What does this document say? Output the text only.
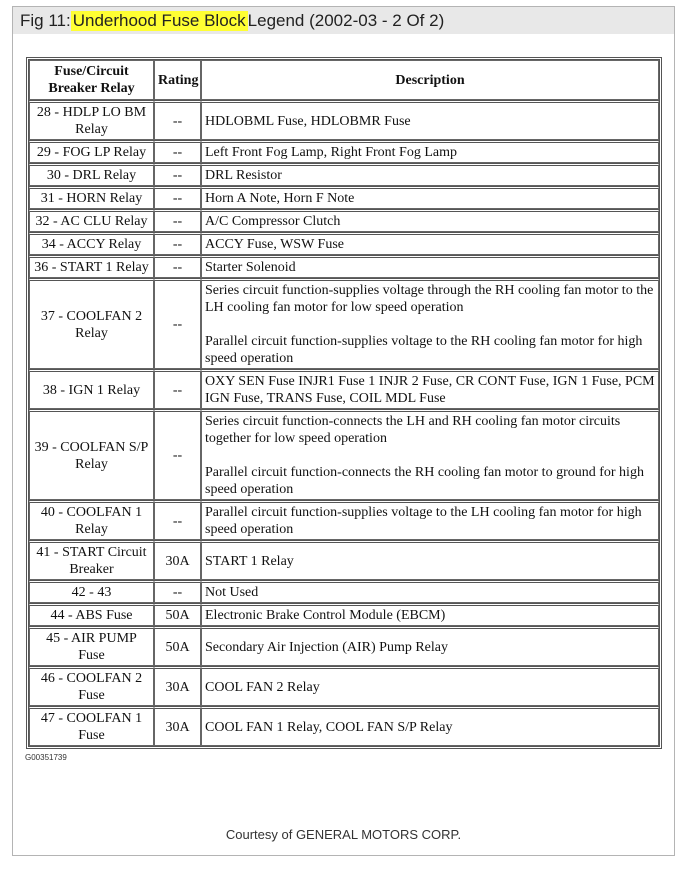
Fig 11: Underhood Fuse Block Legend (2002-03 - 2 Of 2)
Fuse/Circuit Breaker Relay	Rating	Description
28 - HDLP LO BM Relay	--	HDLOBML Fuse, HDLOBMR Fuse

29 - FOG LP Relay	--	Left Front Fog Lamp, Right Front Fog Lamp

30 - DRL Relay	--	DRL Resistor

31 - HORN Relay	--	Horn A Note, Horn F Note

32 - AC CLU Relay	--	A/C Compressor Clutch

34 - ACCY Relay	--	ACCY Fuse, WSW Fuse

36 - START 1 Relay	--	Starter Solenoid

37 - COOLFAN 2 Relay	--	Series circuit function-supplies voltage through the RH cooling fan motor to the LH cooling fan motor for low speed operation
Parallel circuit function-supplies voltage to the RH cooling fan motor for high speed operation

38 - IGN 1 Relay	--	OXY SEN Fuse INJR1 Fuse 1 INJR 2 Fuse, CR CONT Fuse, IGN 1 Fuse, PCM IGN Fuse, TRANS Fuse, COIL MDL Fuse

39 - COOLFAN S/P Relay	--	Series circuit function-connects the LH and RH cooling fan motor circuits together for low speed operation
Parallel circuit function-connects the RH cooling fan motor to ground for high speed operation

40 - COOLFAN 1 Relay	--	Parallel circuit function-supplies voltage to the LH cooling fan motor for high speed operation

41 - START Circuit Breaker	30A	START 1 Relay

42 - 43	--	Not Used

44 - ABS Fuse	50A	Electronic Brake Control Module (EBCM)

45 - AIR PUMP Fuse	50A	Secondary Air Injection (AIR) Pump Relay

46 - COOLFAN 2 Fuse	30A	COOL FAN 2 Relay

47 - COOLFAN 1 Fuse	30A	COOL FAN 1 Relay, COOL FAN S/P Relay
G00351739
Courtesy of GENERAL MOTORS CORP.
